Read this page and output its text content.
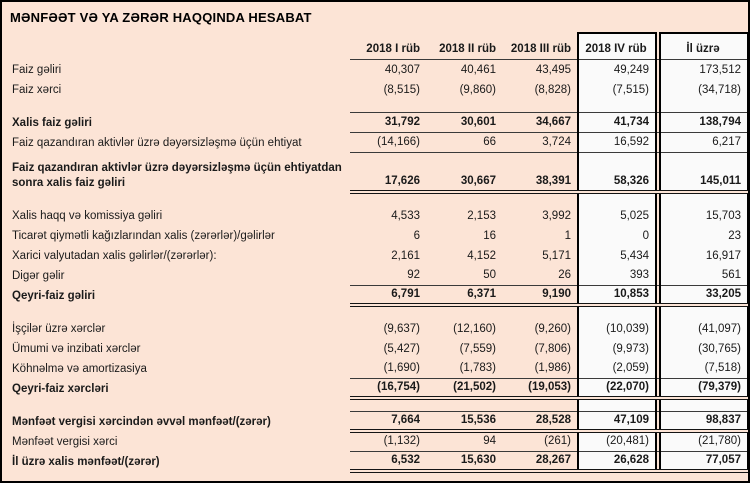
MƏNFƏƏT VƏ YA ZƏRƏR HAQQINDA HESABAT
	2018 I rüb	2018 II rüb	2018 III rüb	2018 IV rüb		İl üzrə
Faiz gəliri	40,307	40,461	43,495	49,249		173,512
Faiz xərci	(8,515)	(9,860)	(8,828)	(7,515)		(34,718)

Xalis faiz gəliri	31,792	30,601	34,667	41,734		138,794
Faiz qazandıran aktivlər üzrə dəyərsizləşmə üçün ehtiyat	(14,166)	66	3,724	16,592		6,217
Faiz qazandıran aktivlər üzrə dəyərsizləşmə üçün ehtiyatdan sonra xalis faiz gəliri	17,626	30,667	38,391	58,326		145,011

Xalis haqq və komissiya gəliri	4,533	2,153	3,992	5,025		15,703
Ticarət qiymətli kağızlarından xalis (zərərlər)/gəlirlər	6	16	1	0		23
Xarici valyutadan xalis gəlirlər/(zərərlər):	2,161	4,152	5,171	5,434		16,917
Digər gəlir	92	50	26	393		561
Qeyri-faiz gəliri	6,791	6,371	9,190	10,853		33,205

İşçilər üzrə xərclər	(9,637)	(12,160)	(9,260)	(10,039)		(41,097)
Ümumi və inzibati xərclər	(5,427)	(7,559)	(7,806)	(9,973)		(30,765)
Köhnəlmə və amortizasiya	(1,690)	(1,783)	(1,986)	(2,059)		(7,518)
Qeyri-faiz xərcləri	(16,754)	(21,502)	(19,053)	(22,070)		(79,379)

Mənfəət vergisi xərcindən əvvəl mənfəət/(zərər)	7,664	15,536	28,528	47,109		98,837
Mənfəət vergisi xərci	(1,132)	94	(261)	(20,481)		(21,780)
İl üzrə xalis mənfəət/(zərər)	6,532	15,630	28,267	26,628		77,057
